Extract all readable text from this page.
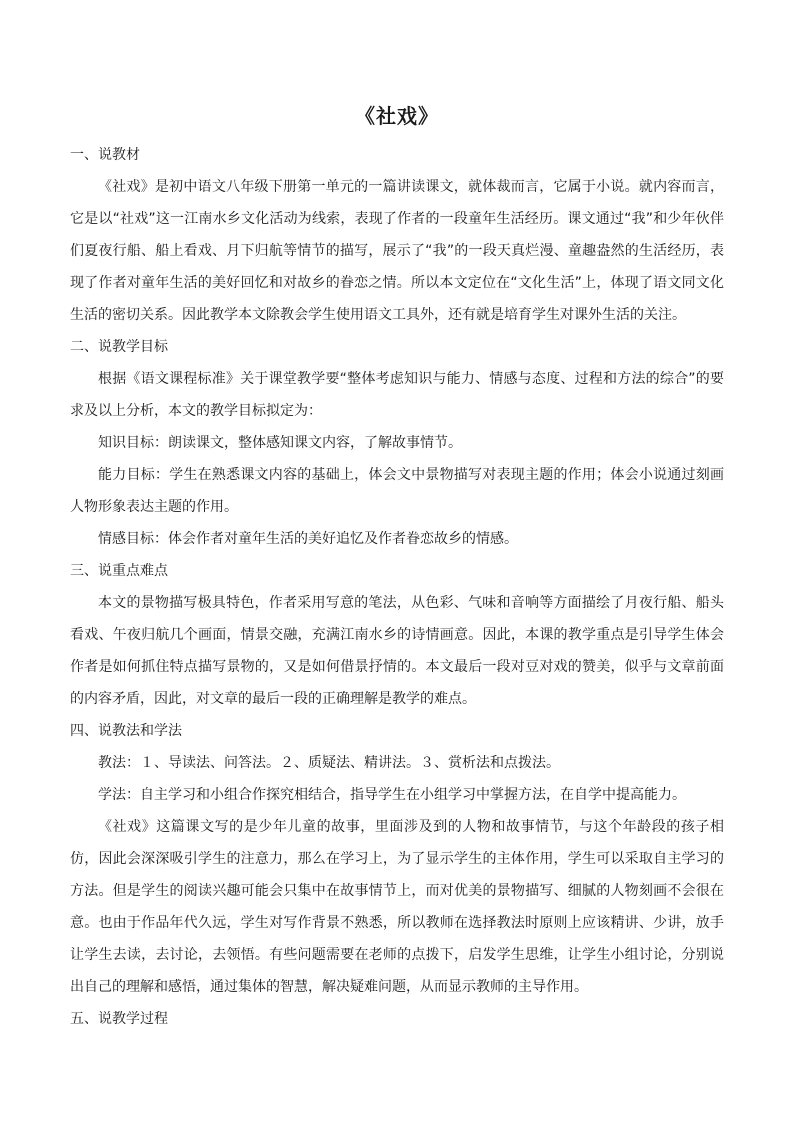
《社戏》

一、说教材

《社戏》是初中语文八年级下册第一单元的一篇讲读课文，就体裁而言，它属于小说。就内容而言，它是以“社戏”这一江南水乡文化活动为线索，表现了作者的一段童年生活经历。课文通过“我”和少年伙伴们夏夜行船、船上看戏、月下归航等情节的描写，展示了“我”的一段天真烂漫、童趣盎然的生活经历，表现了作者对童年生活的美好回忆和对故乡的眷恋之情。所以本文定位在“文化生活”上，体现了语文同文化生活的密切关系。因此教学本文除教会学生使用语文工具外，还有就是培育学生对课外生活的关注。

二、说教学目标

根据《语文课程标准》关于课堂教学要“整体考虑知识与能力、情感与态度、过程和方法的综合”的要求及以上分析，本文的教学目标拟定为：

知识目标：朗读课文，整体感知课文内容，了解故事情节。

能力目标：学生在熟悉课文内容的基础上，体会文中景物描写对表现主题的作用；体会小说通过刻画人物形象表达主题的作用。

情感目标：体会作者对童年生活的美好追忆及作者眷恋故乡的情感。

三、说重点难点

本文的景物描写极具特色，作者采用写意的笔法，从色彩、气味和音响等方面描绘了月夜行船、船头看戏、午夜归航几个画面，情景交融，充满江南水乡的诗情画意。因此，本课的教学重点是引导学生体会作者是如何抓住特点描写景物的，又是如何借景抒情的。本文最后一段对豆对戏的赞美，似乎与文章前面的内容矛盾，因此，对文章的最后一段的正确理解是教学的难点。

四、说教法和学法

教法：１、导读法、问答法。２、质疑法、精讲法。３、赏析法和点拨法。

学法：自主学习和小组合作探究相结合，指导学生在小组学习中掌握方法，在自学中提高能力。

《社戏》这篇课文写的是少年儿童的故事，里面涉及到的人物和故事情节，与这个年龄段的孩子相仿，因此会深深吸引学生的注意力，那么在学习上，为了显示学生的主体作用，学生可以采取自主学习的方法。但是学生的阅读兴趣可能会只集中在故事情节上，而对优美的景物描写、细腻的人物刻画不会很在意。也由于作品年代久远，学生对写作背景不熟悉，所以教师在选择教法时原则上应该精讲、少讲，放手让学生去读，去讨论，去领悟。有些问题需要在老师的点拨下，启发学生思维，让学生小组讨论，分别说出自己的理解和感悟，通过集体的智慧，解决疑难问题，从而显示教师的主导作用。

五、说教学过程
